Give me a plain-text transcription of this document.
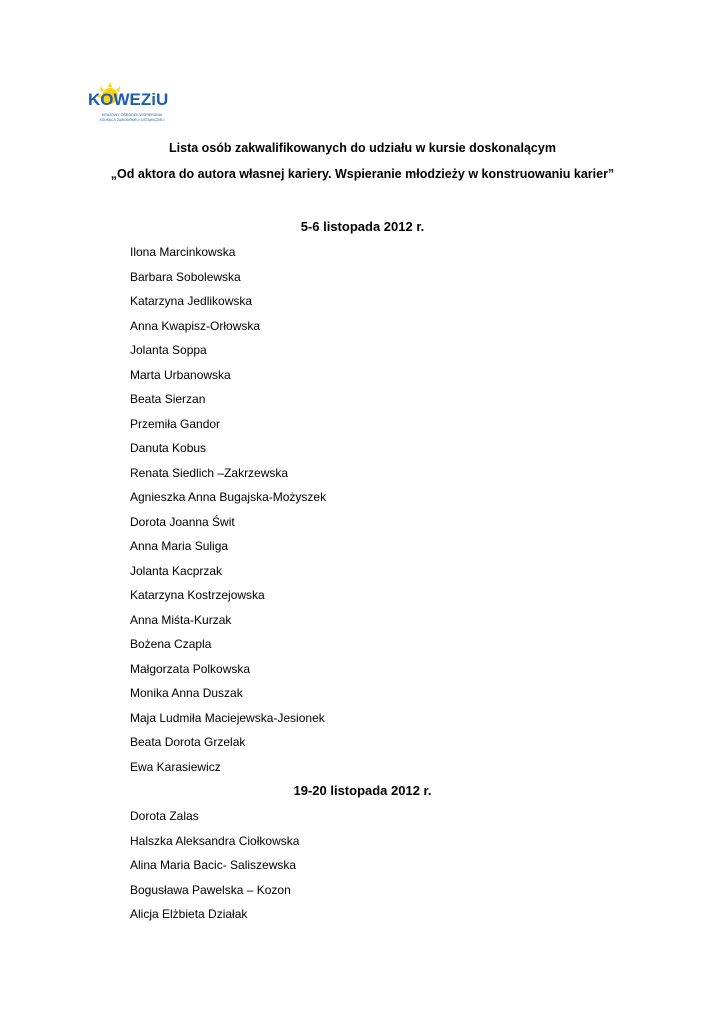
KOWEZiU
KRAJOWY OŚRODEK WSPIERANIA
EDUKACJI ZAWODOWEJ I USTAWICZNEJ
Lista osób zakwalifikowanych do udziału w kursie doskonalącym
„Od aktora do autora własnej kariery. Wspieranie młodzieży w konstruowaniu karier”
5-6 listopada 2012 r.
Ilona Marcinkowska
Barbara Sobolewska
Katarzyna Jedlikowska
Anna Kwapisz-Orłowska
Jolanta Soppa
Marta Urbanowska
Beata Sierzan
Przemiła Gandor
Danuta Kobus
Renata Siedlich –Zakrzewska
Agnieszka Anna Bugajska-Możyszek
Dorota Joanna Świt
Anna Maria Suliga
Jolanta Kacprzak
Katarzyna Kostrzejowska
Anna Miśta-Kurzak
Bożena Czapla
Małgorzata Polkowska
Monika Anna Duszak
Maja Ludmiła Maciejewska-Jesionek
Beata Dorota Grzelak
Ewa Karasiewicz
19-20 listopada 2012 r.
Dorota Zalas
Halszka Aleksandra Ciołkowska
Alina Maria Bacic- Saliszewska
Bogusława Pawelska – Kozon
Alicja Elżbieta Działak
